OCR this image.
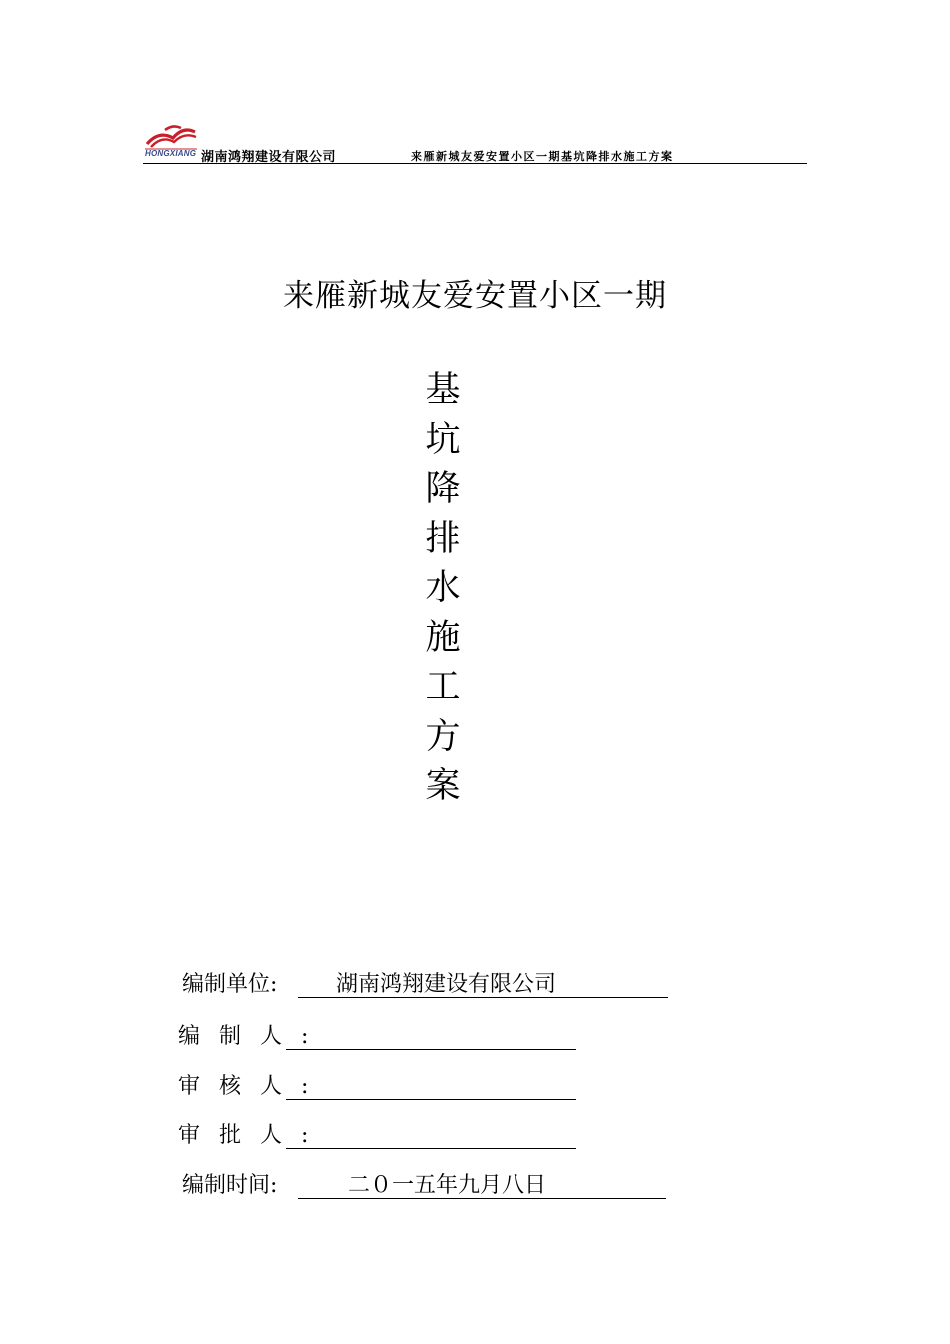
HONGXIANG 湖南鸿翔建设有限公司	来雁新城友爱安置小区一期基坑降排水施工方案
来雁新城友爱安置小区一期
基
坑
降
排
水
施
工
方
案
编制单位:	湖南鸿翔建设有限公司
编 制 人 :
审 核 人 :
审 批 人 :
编制时间:	二０一五年九月八日
